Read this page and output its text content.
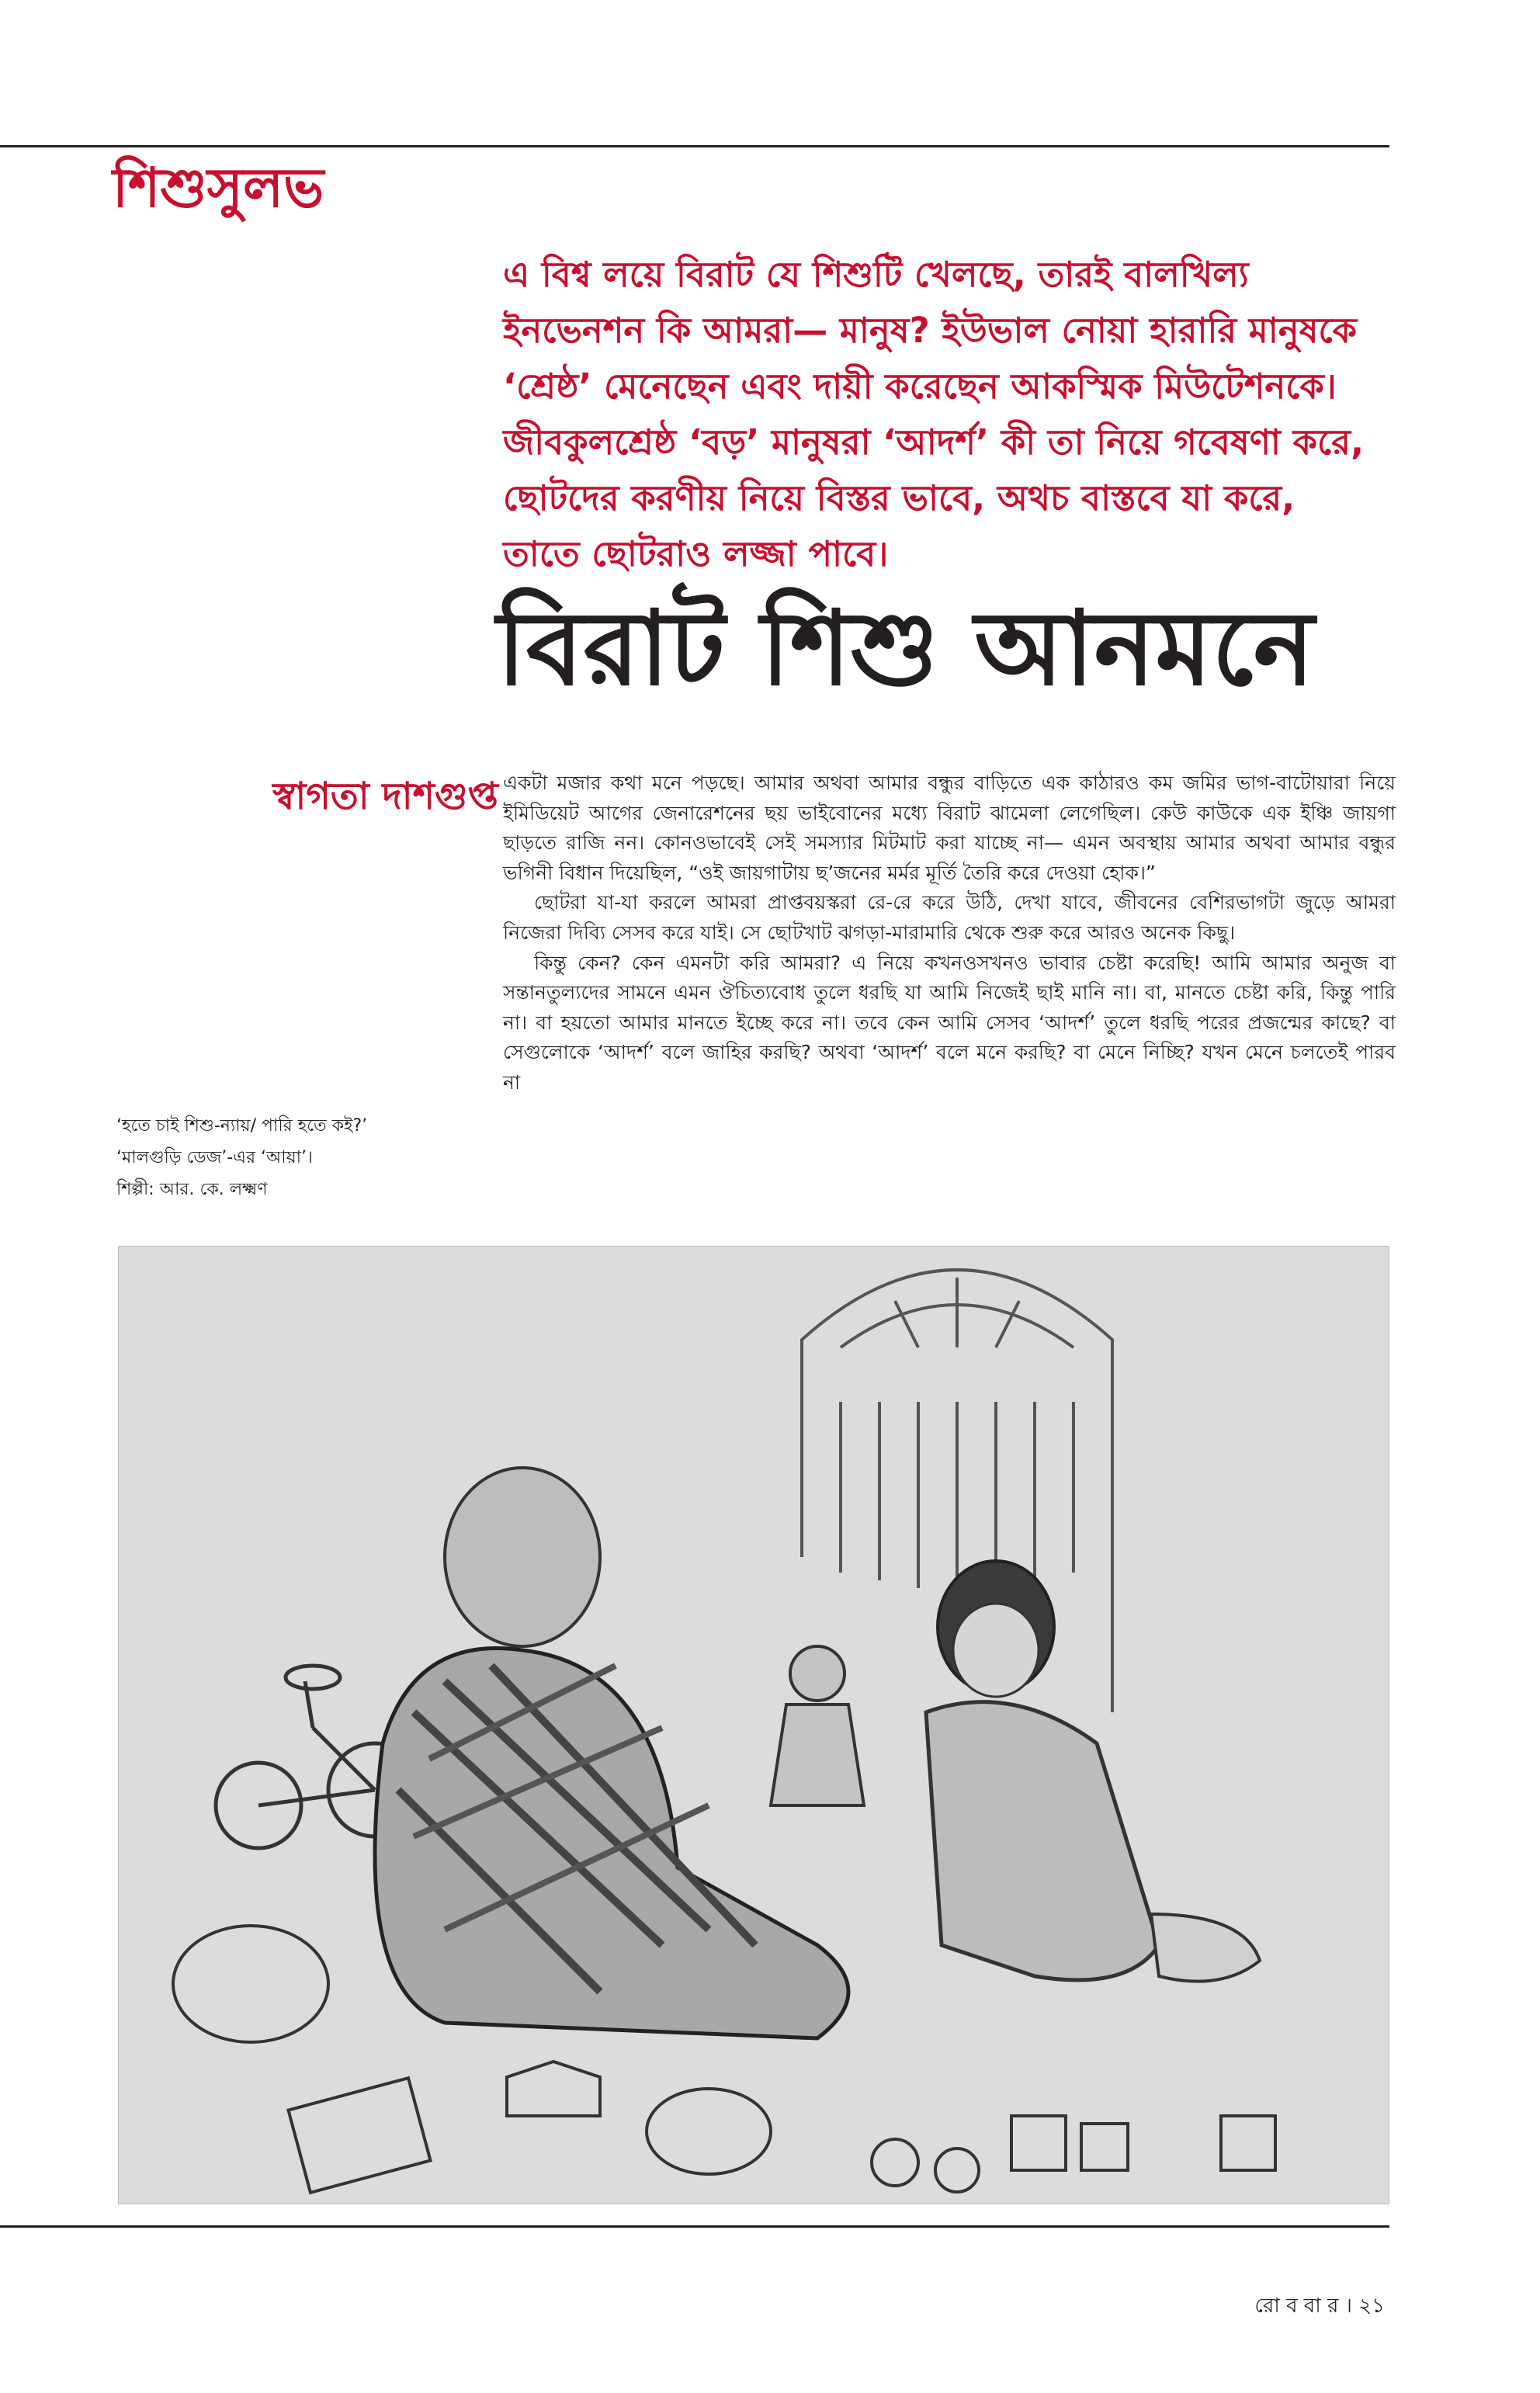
শিশুসুলভ
এ বিশ্ব লয়ে বিরাট যে শিশুটি খেলছে, তারই বালখিল্য ইনভেনশন কি আমরা— মানুষ? ইউভাল নোয়া হারারি মানুষকে ‘শ্রেষ্ঠ’ মেনেছেন এবং দায়ী করেছেন আকস্মিক মিউটেশনকে। জীবকুলশ্রেষ্ঠ ‘বড়’ মানুষরা ‘আদর্শ’ কী তা নিয়ে গবেষণা করে, ছোটদের করণীয় নিয়ে বিস্তর ভাবে, অথচ বাস্তবে যা করে, তাতে ছোটরাও লজ্জা পাবে।
বিরাট শিশু আনমনে
স্বাগতা দাশগুপ্ত একটা মজার কথা মনে পড়ছে। আমার অথবা আমার বন্ধুর বাড়িতে এক কাঠারও কম জমির ভাগ-বাটোয়ারা নিয়ে ইমিডিয়েট আগের জেনারেশনের ছয় ভাইবোনের মধ্যে বিরাট ঝামেলা লেগেছিল। কেউ কাউকে এক ইঞ্চি জায়গা ছাড়তে রাজি নন। কোনওভাবেই সেই সমস্যার মিটমাট করা যাচ্ছে না— এমন অবস্থায় আমার অথবা আমার বন্ধুর ভগিনী বিধান দিয়েছিল, “ওই জায়গাটায় ছ’জনের মর্মর মূর্তি তৈরি করে দেওয়া হোক।”

ছোটরা যা-যা করলে আমরা প্রাপ্তবয়স্করা রে-রে করে উঠি, দেখা যাবে, জীবনের বেশিরভাগটা জুড়ে আমরা নিজেরা দিব্যি সেসব করে যাই। সে ছোটখাট ঝগড়া-মারামারি থেকে শুরু করে আরও অনেক কিছু।

কিন্তু কেন? কেন এমনটা করি আমরা? এ নিয়ে কখনওসখনও ভাবার চেষ্টা করেছি! আমি আমার অনুজ বা সন্তানতুল্যদের সামনে এমন ঔচিত্যবোধ তুলে ধরছি যা আমি নিজেই ছাই মানি না। বা, মানতে চেষ্টা করি, কিন্তু পারি না। বা হয়তো আমার মানতে ইচ্ছে করে না। তবে কেন আমি সেসব ‘আদর্শ’ তুলে ধরছি পরের প্রজন্মের কাছে? বা সেগুলোকে ‘আদর্শ’ বলে জাহির করছি? অথবা ‘আদর্শ’ বলে মনে করছি? বা মেনে নিচ্ছি? যখন মেনে চলতেই পারব না

‘হতে চাই শিশু-ন্যায়/ পারি হতে কই?’
‘মালগুড়ি ডেজ’-এর ‘আয়া’।
শিল্পী: আর. কে. লক্ষ্মণ
রো ব বা র । ২১
